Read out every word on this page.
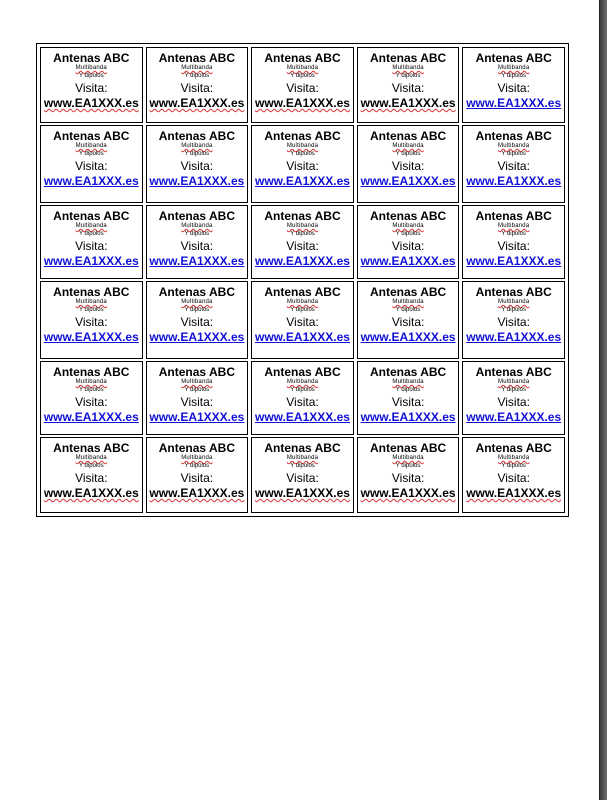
Antenas ABC
Multibanda
Y dipolos
Visita:
www.EA1XXX.es
Antenas ABC
Multibanda
Y dipolos
Visita:
www.EA1XXX.es
Antenas ABC
Multibanda
Y dipolos
Visita:
www.EA1XXX.es
Antenas ABC
Multibanda
Y dipolos
Visita:
www.EA1XXX.es
Antenas ABC
Multibanda
Y dipolos
Visita:
www.EA1XXX.es
Antenas ABC
Multibanda
Y dipolos
Visita:
www.EA1XXX.es
Antenas ABC
Multibanda
Y dipolos
Visita:
www.EA1XXX.es
Antenas ABC
Multibanda
Y dipolos
Visita:
www.EA1XXX.es
Antenas ABC
Multibanda
Y dipolos
Visita:
www.EA1XXX.es
Antenas ABC
Multibanda
Y dipolos
Visita:
www.EA1XXX.es
Antenas ABC
Multibanda
Y dipolos
Visita:
www.EA1XXX.es
Antenas ABC
Multibanda
Y dipolos
Visita:
www.EA1XXX.es
Antenas ABC
Multibanda
Y dipolos
Visita:
www.EA1XXX.es
Antenas ABC
Multibanda
Y dipolos
Visita:
www.EA1XXX.es
Antenas ABC
Multibanda
Y dipolos
Visita:
www.EA1XXX.es
Antenas ABC
Multibanda
Y dipolos
Visita:
www.EA1XXX.es
Antenas ABC
Multibanda
Y dipolos
Visita:
www.EA1XXX.es
Antenas ABC
Multibanda
Y dipolos
Visita:
www.EA1XXX.es
Antenas ABC
Multibanda
Y dipolos
Visita:
www.EA1XXX.es
Antenas ABC
Multibanda
Y dipolos
Visita:
www.EA1XXX.es
Antenas ABC
Multibanda
Y dipolos
Visita:
www.EA1XXX.es
Antenas ABC
Multibanda
Y dipolos
Visita:
www.EA1XXX.es
Antenas ABC
Multibanda
Y dipolos
Visita:
www.EA1XXX.es
Antenas ABC
Multibanda
Y dipolos
Visita:
www.EA1XXX.es
Antenas ABC
Multibanda
Y dipolos
Visita:
www.EA1XXX.es
Antenas ABC
Multibanda
Y dipolos
Visita:
www.EA1XXX.es
Antenas ABC
Multibanda
Y dipolos
Visita:
www.EA1XXX.es
Antenas ABC
Multibanda
Y dipolos
Visita:
www.EA1XXX.es
Antenas ABC
Multibanda
Y dipolos
Visita:
www.EA1XXX.es
Antenas ABC
Multibanda
Y dipolos
Visita:
www.EA1XXX.es
